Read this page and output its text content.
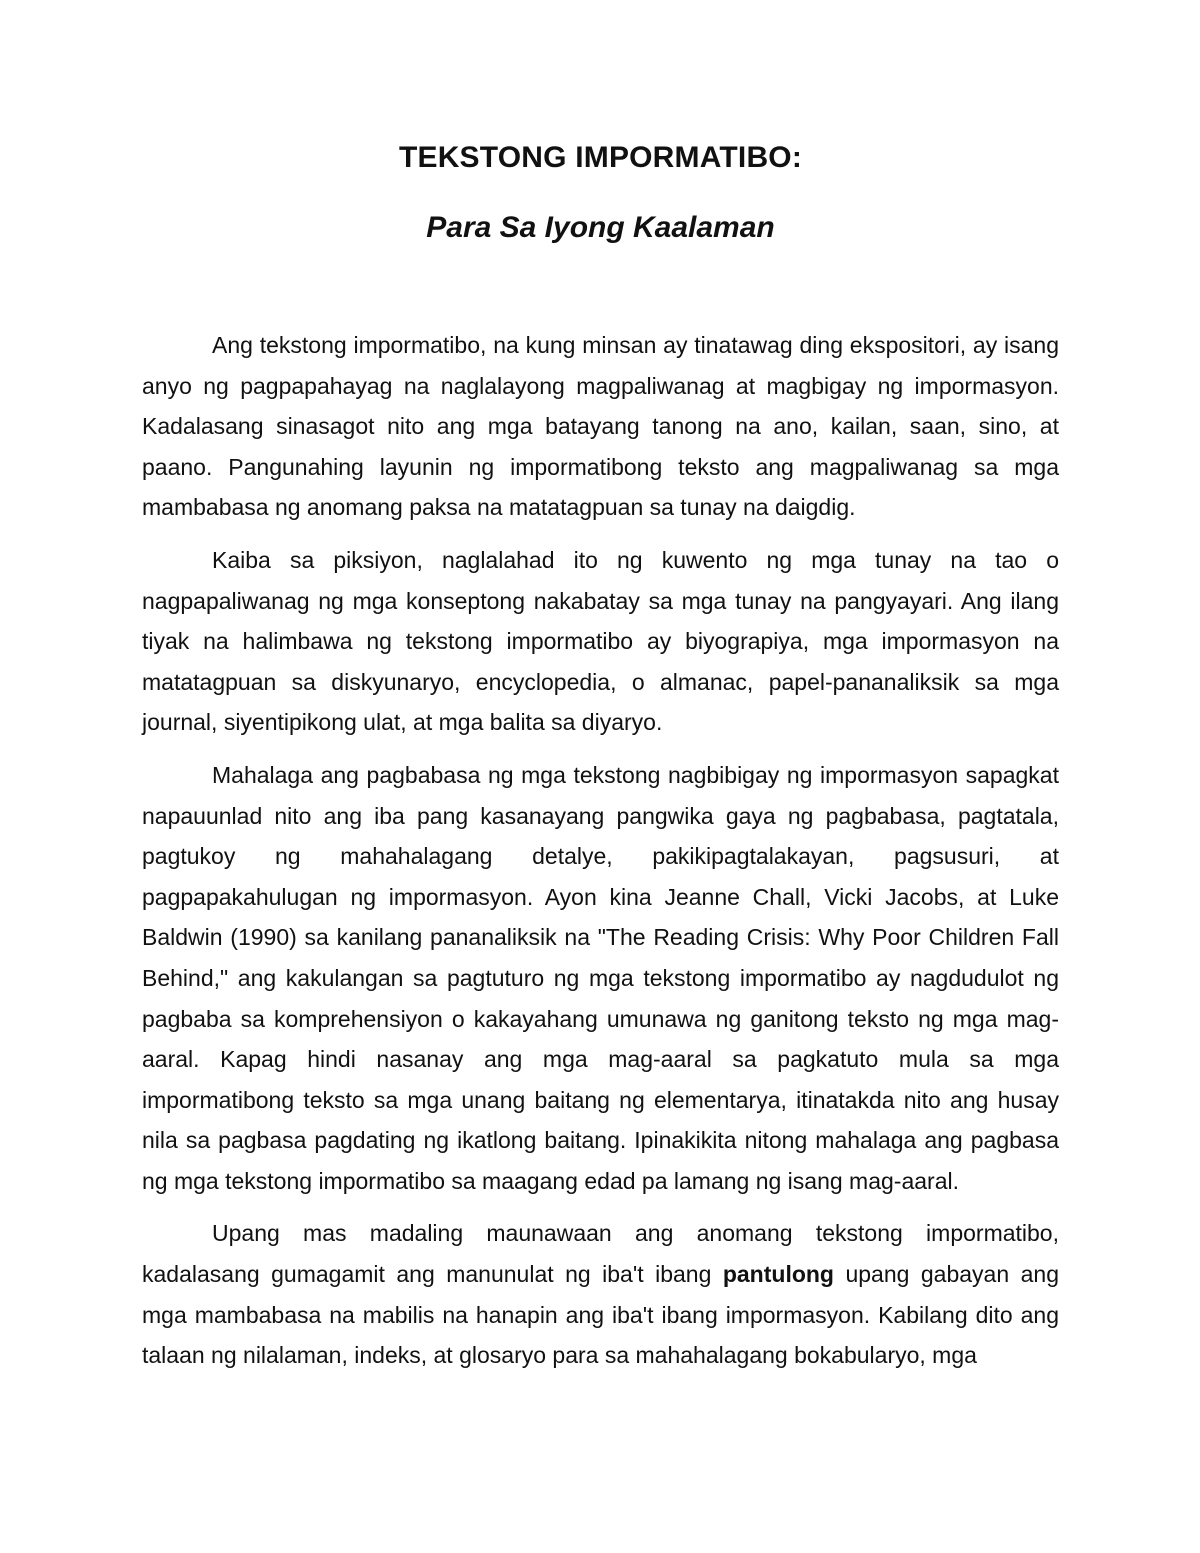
TEKSTONG IMPORMATIBO:
Para Sa Iyong Kaalaman

Ang tekstong impormatibo, na kung minsan ay tinatawag ding ekspositori, ay isang anyo ng pagpapahayag na naglalayong magpaliwanag at magbigay ng impormasyon. Kadalasang sinasagot nito ang mga batayang tanong na ano, kailan, saan, sino, at paano. Pangunahing layunin ng impormatibong teksto ang magpaliwanag sa mga mambabasa ng anomang paksa na matatagpuan sa tunay na daigdig.

Kaiba sa piksiyon, naglalahad ito ng kuwento ng mga tunay na tao o nagpapaliwanag ng mga konseptong nakabatay sa mga tunay na pangyayari. Ang ilang tiyak na halimbawa ng tekstong impormatibo ay biyograpiya, mga impormasyon na matatagpuan sa diskyunaryo, encyclopedia, o almanac, papel-pananaliksik sa mga journal, siyentipikong ulat, at mga balita sa diyaryo.

Mahalaga ang pagbabasa ng mga tekstong nagbibigay ng impormasyon sapagkat napauunlad nito ang iba pang kasanayang pangwika gaya ng pagbabasa, pagtatala, pagtukoy ng mahahalagang detalye, pakikipagtalakayan, pagsusuri, at pagpapakahulugan ng impormasyon. Ayon kina Jeanne Chall, Vicki Jacobs, at Luke Baldwin (1990) sa kanilang pananaliksik na "The Reading Crisis: Why Poor Children Fall Behind," ang kakulangan sa pagtuturo ng mga tekstong impormatibo ay nagdudulot ng pagbaba sa komprehensiyon o kakayahang umunawa ng ganitong teksto ng mga mag-aaral. Kapag hindi nasanay ang mga mag-aaral sa pagkatuto mula sa mga impormatibong teksto sa mga unang baitang ng elementarya, itinatakda nito ang husay nila sa pagbasa pagdating ng ikatlong baitang. Ipinakikita nitong mahalaga ang pagbasa ng mga tekstong impormatibo sa maagang edad pa lamang ng isang mag-aaral.

Upang mas madaling maunawaan ang anomang tekstong impormatibo, kadalasang gumagamit ang manunulat ng iba't ibang pantulong upang gabayan ang mga mambabasa na mabilis na hanapin ang iba't ibang impormasyon. Kabilang dito ang talaan ng nilalaman, indeks, at glosaryo para sa mahahalagang bokabularyo, mga
